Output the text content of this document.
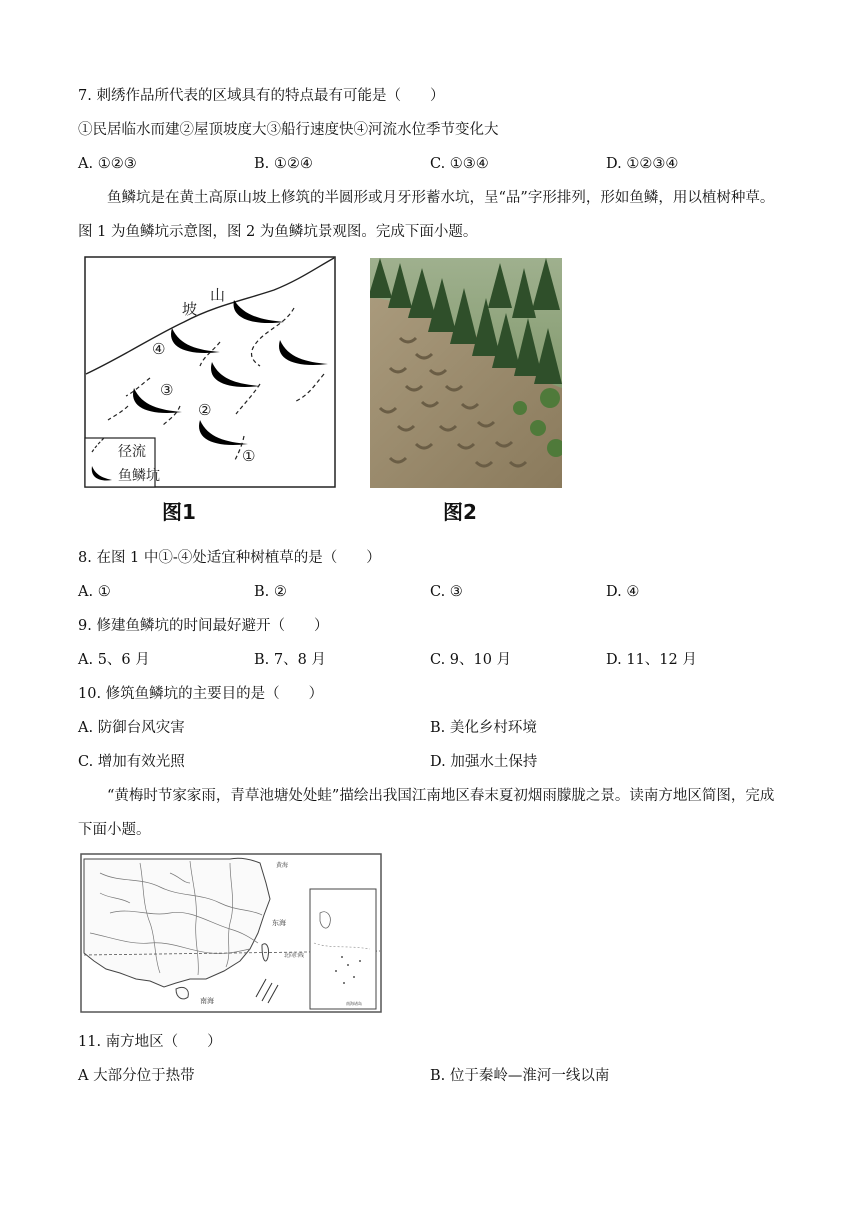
7. 刺绣作品所代表的区域具有的特点最有可能是（　　）
①民居临水而建②屋顶坡度大③船行速度快④河流水位季节变化大
A. ①②③	B. ①②④	C. ①③④	D. ①②③④
鱼鳞坑是在黄土高原山坡上修筑的半圆形或月牙形蓄水坑，呈“品”字形排列，形如鱼鳞，用以植树种草。图 1 为鱼鳞坑示意图，图 2 为鱼鳞坑景观图。完成下面小题。
山
坡
④
③
②
①
径流
鱼鳞坑
图1	图2
8. 在图 1 中①-④处适宜种树植草的是（　　）
A. ①	B. ②	C. ③	D. ④
9. 修建鱼鳞坑的时间最好避开（　　）
A. 5、6 月	B. 7、8 月	C. 9、10 月	D. 11、12 月
10. 修筑鱼鳞坑的主要目的是（　　）
A. 防御台风灾害	B. 美化乡村环境
C. 增加有效光照	D. 加强水土保持
“黄梅时节家家雨，青草池塘处处蛙”描绘出我国江南地区春末夏初烟雨朦胧之景。读南方地区简图，完成下面小题。
黄海
东海
南海
北回归线
南海诸岛
11. 南方地区（　　）
A 大部分位于热带	B. 位于秦岭—淮河一线以南
